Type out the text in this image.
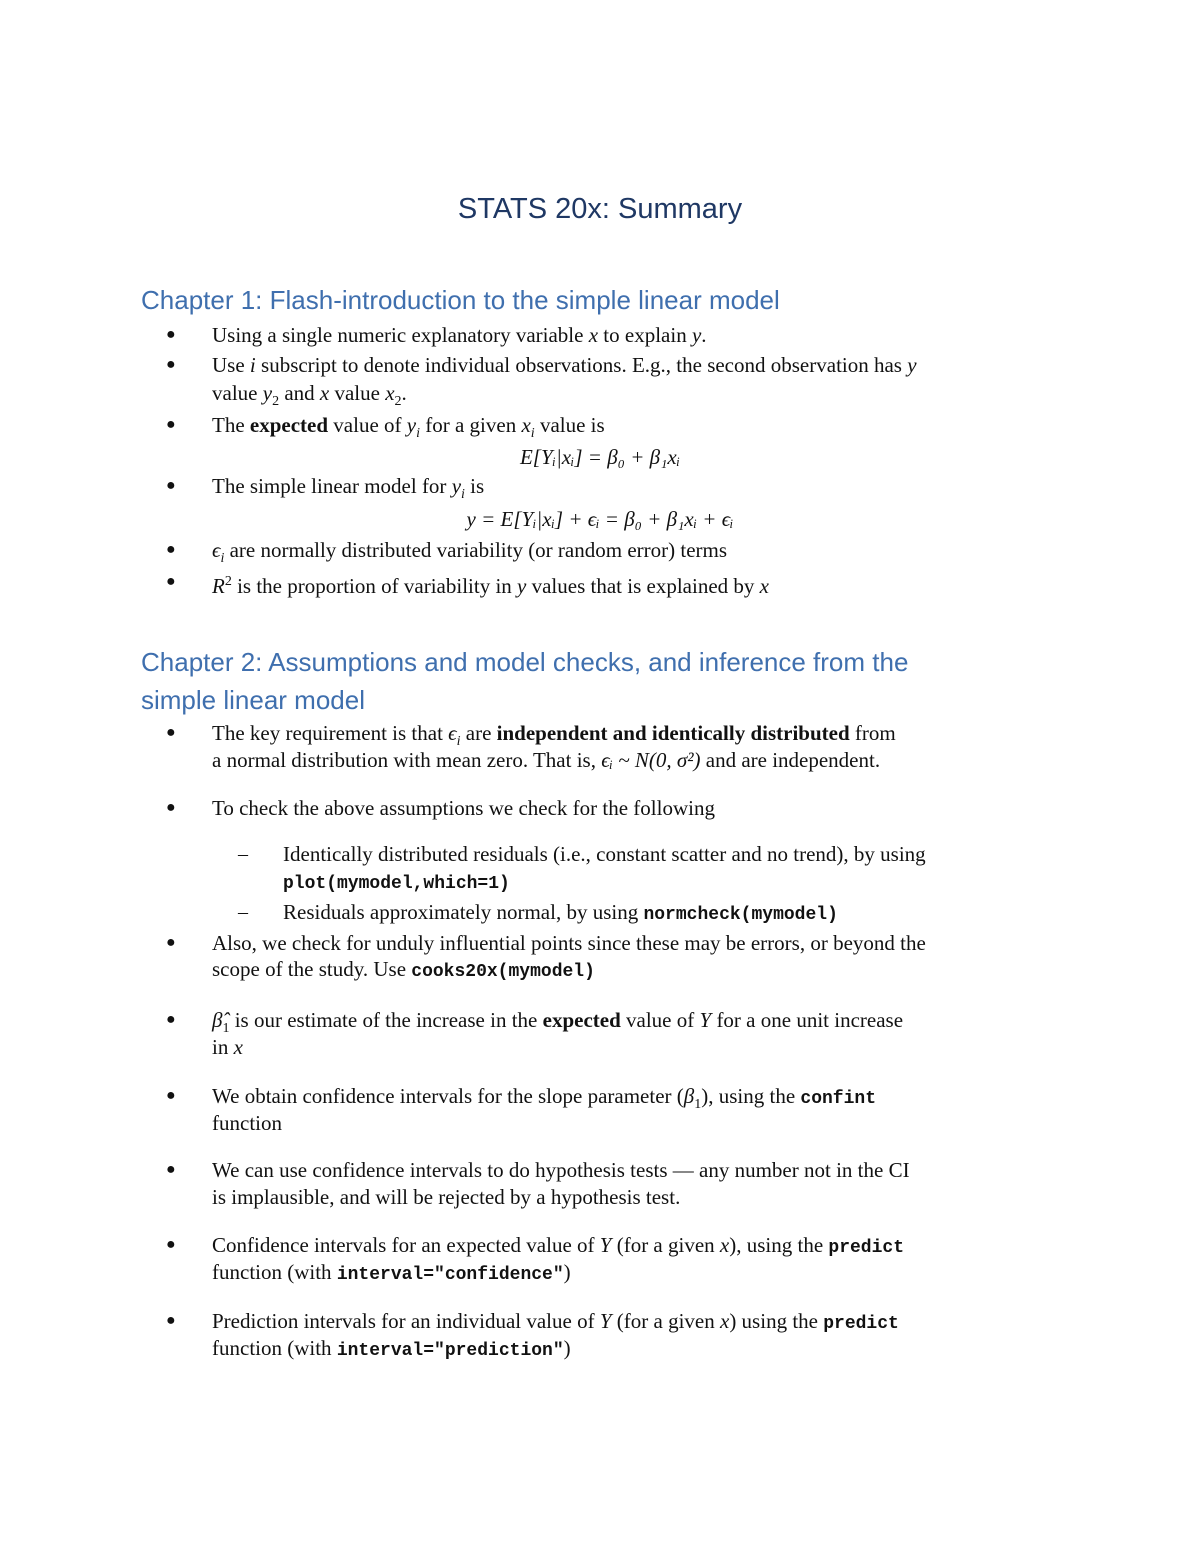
STATS 20x: Summary
Chapter 1: Flash-introduction to the simple linear model
● Using a single numeric explanatory variable x to explain y.
● Use i subscript to denote individual observations. E.g., the second observation has y
value $y_2$ and x value $x_2$.
● The expected value of $y_i$ for a given $x_i$ value is
E[Yᵢ|xᵢ] = β₀ + β₁xᵢ
● The simple linear model for $y_i$ is
y = E[Yᵢ|xᵢ] + ϵᵢ = β₀ + β₁xᵢ + ϵᵢ
● $\epsilon_i$ are normally distributed variability (or random error) terms
● $R^2$ is the proportion of variability in y values that is explained by x
Chapter 2: Assumptions and model checks, and inference from the
simple linear model
● The key requirement is that $\epsilon_i$ are independent and identically distributed from
a normal distribution with mean zero. That is, ϵᵢ ~ N(0, σ²) and are independent.
● To check the above assumptions we check for the following
– Identically distributed residuals (i.e., constant scatter and no trend), by using
plot(mymodel,which=1)
– Residuals approximately normal, by using normcheck(mymodel)
● Also, we check for unduly influential points since these may be errors, or beyond the
scope of the study. Use cooks20x(mymodel)
● $\betâ_1$ is our estimate of the increase in the expected value of Y for a one unit increase
in x
● We obtain confidence intervals for the slope parameter $(\beta_1)$, using the confint
function
● We can use confidence intervals to do hypothesis tests — any number not in the CI
is implausible, and will be rejected by a hypothesis test.
● Confidence intervals for an expected value of Y (for a given x), using the predict
function (with interval="confidence")
● Prediction intervals for an individual value of Y (for a given x) using the predict
function (with interval="prediction")
